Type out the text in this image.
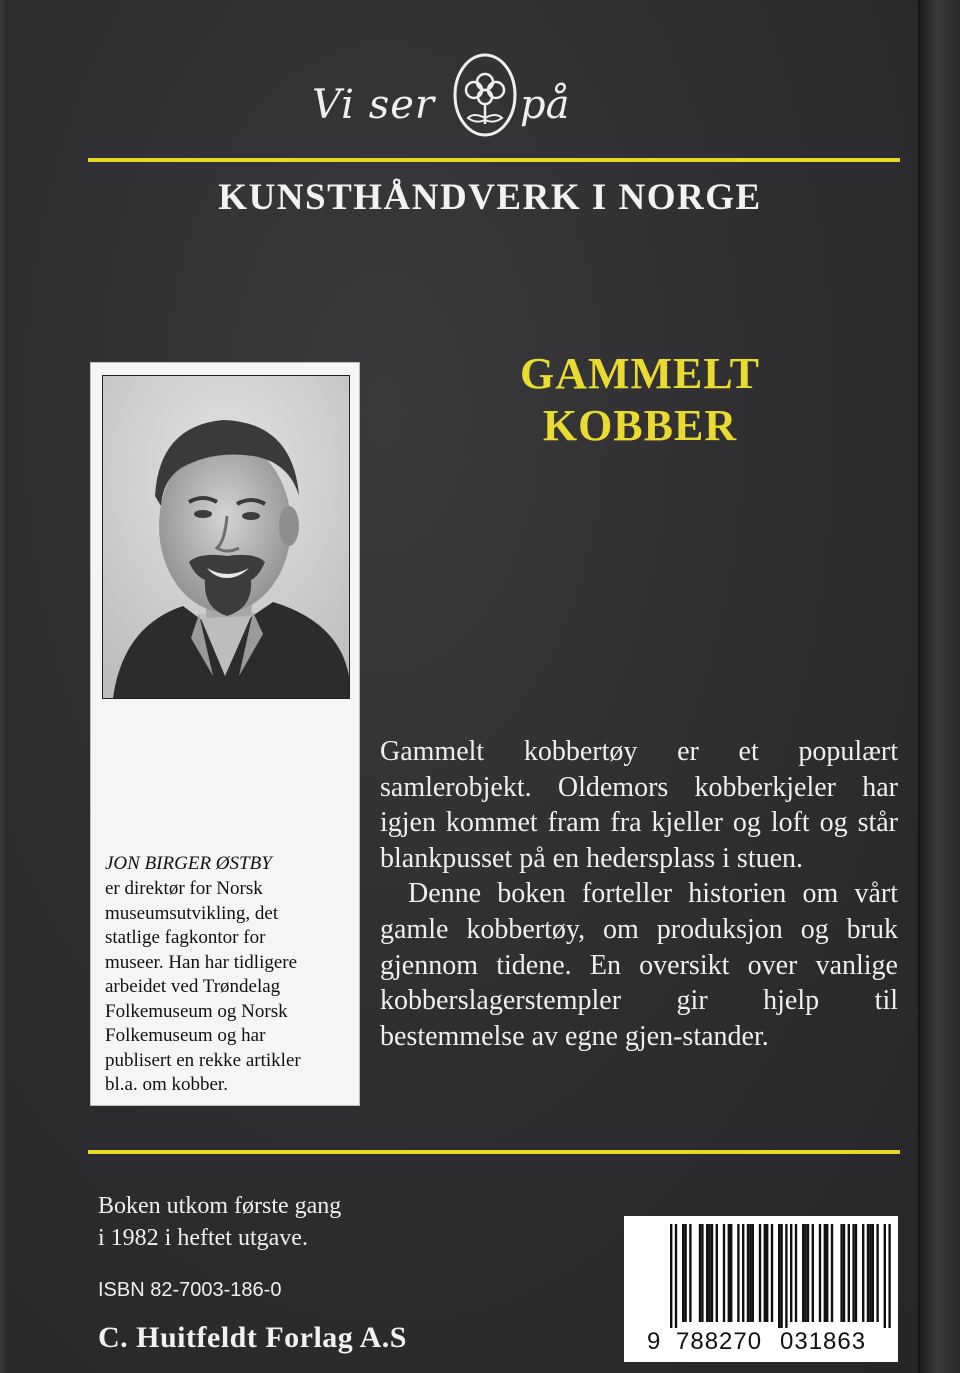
Vi ser på
KUNSTHÅNDVERK I NORGE
GAMMELT
KOBBER
JON BIRGER ØSTBY
er direktør for Norsk
museumsutvikling, det
statlige fagkontor for
museer. Han har tidligere
arbeidet ved Trøndelag
Folkemuseum og Norsk
Folkemuseum og har
publisert en rekke artikler
bl.a. om kobber.

Gammelt kobbertøy er et populært samlerobjekt. Oldemors kobberkjeler har igjen kommet fram fra kjeller og loft og står blankpusset på en hedersplass i stuen.

Denne boken forteller historien om vårt gamle kobbertøy, om produksjon og bruk gjennom tidene. En oversikt over vanlige kobberslagerstempler gir hjelp til bestemmelse av egne gjen-stander.

Boken utkom første gang
i 1982 i heftet utgave.
ISBN 82-7003-186-0
C. Huitfeldt Forlag A.S	9 788270 031863
